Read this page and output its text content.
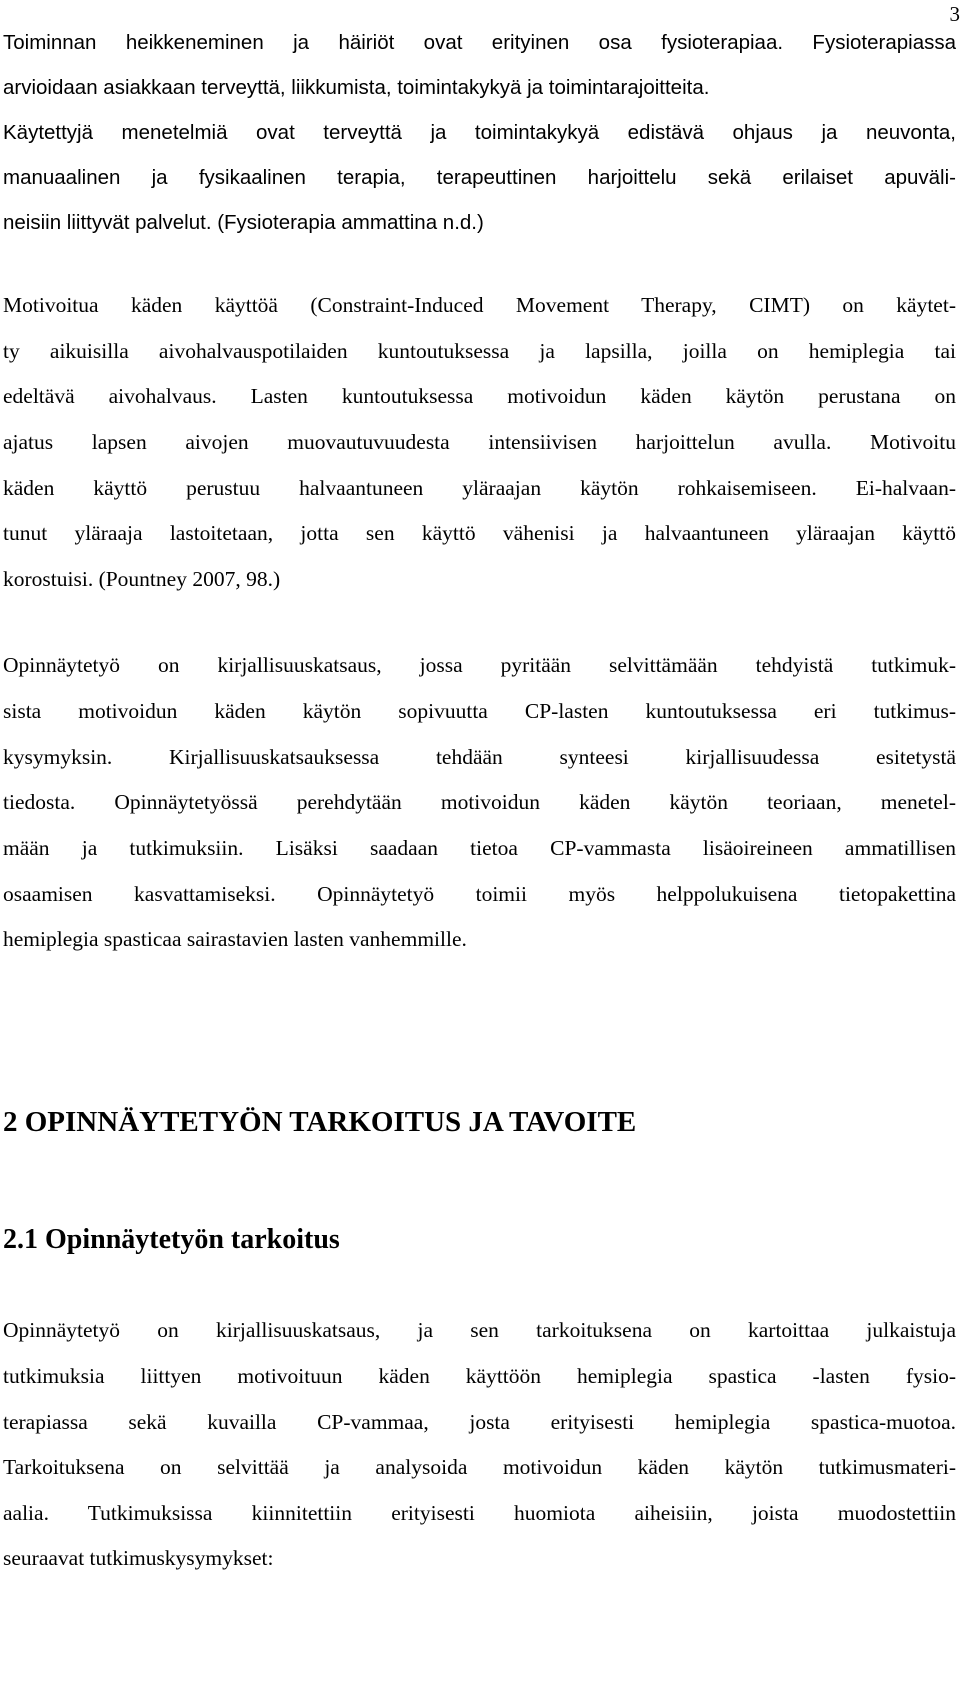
3
Toiminnan heikkeneminen ja häiriöt ovat erityinen osa fysioterapiaa. Fysioterapiassa
arvioidaan asiakkaan terveyttä, liikkumista, toimintakykyä ja toimintarajoitteita.
Käytettyjä menetelmiä ovat terveyttä ja toimintakykyä edistävä ohjaus ja neuvonta,
manuaalinen ja fysikaalinen terapia, terapeuttinen harjoittelu sekä erilaiset apuväli-
neisiin liittyvät palvelut. (Fysioterapia ammattina n.d.)
Motivoitua käden käyttöä (Constraint-Induced Movement Therapy, CIMT) on käytet-
ty aikuisilla aivohalvauspotilaiden kuntoutuksessa ja lapsilla, joilla on hemiplegia tai
edeltävä aivohalvaus. Lasten kuntoutuksessa motivoidun käden käytön perustana on
ajatus lapsen aivojen muovautuvuudesta intensiivisen harjoittelun avulla. Motivoitu
käden käyttö perustuu halvaantuneen yläraajan käytön rohkaisemiseen. Ei-halvaan-
tunut yläraaja lastoitetaan, jotta sen käyttö vähenisi ja halvaantuneen yläraajan käyttö
korostuisi. (Pountney 2007, 98.)
Opinnäytetyö on kirjallisuuskatsaus, jossa pyritään selvittämään tehdyistä tutkimuk-
sista motivoidun käden käytön sopivuutta CP-lasten kuntoutuksessa eri tutkimus-
kysymyksin. Kirjallisuuskatsauksessa tehdään synteesi kirjallisuudessa esitetystä
tiedosta. Opinnäytetyössä perehdytään motivoidun käden käytön teoriaan, menetel-
mään ja tutkimuksiin. Lisäksi saadaan tietoa CP-vammasta lisäoireineen ammatillisen
osaamisen kasvattamiseksi. Opinnäytetyö toimii myös helppolukuisena tietopakettina
hemiplegia spasticaa sairastavien lasten vanhemmille.
2 OPINNÄYTETYÖN TARKOITUS JA TAVOITE
2.1 Opinnäytetyön tarkoitus
Opinnäytetyö on kirjallisuuskatsaus, ja sen tarkoituksena on kartoittaa julkaistuja
tutkimuksia liittyen motivoituun käden käyttöön hemiplegia spastica -lasten fysio-
terapiassa sekä kuvailla CP-vammaa, josta erityisesti hemiplegia spastica-muotoa.
Tarkoituksena on selvittää ja analysoida motivoidun käden käytön tutkimusmateri-
aalia. Tutkimuksissa kiinnitettiin erityisesti huomiota aiheisiin, joista muodostettiin
seuraavat tutkimuskysymykset:
